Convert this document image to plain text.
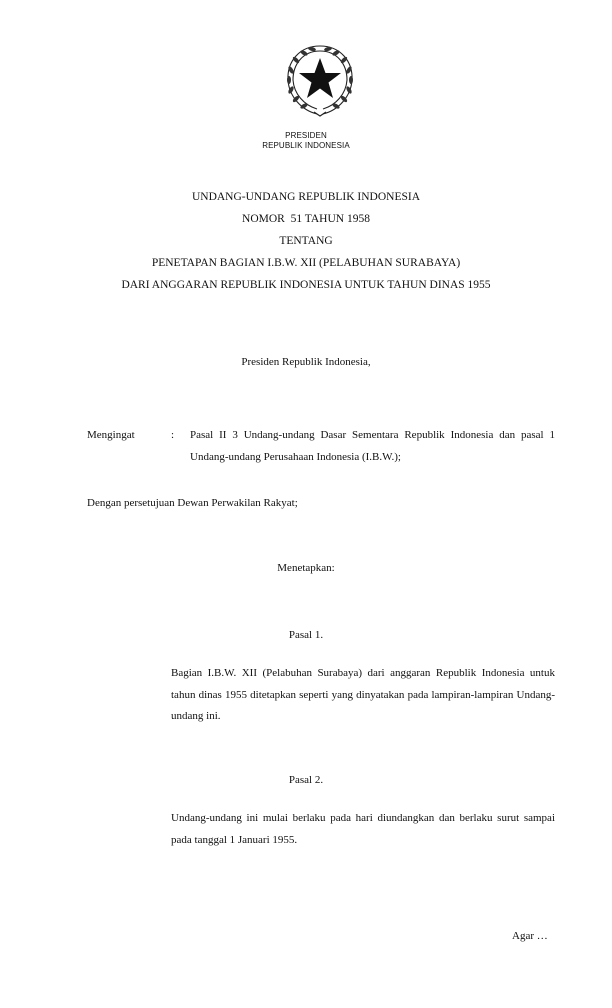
PRESIDEN
REPUBLIK INDONESIA
UNDANG-UNDANG REPUBLIK INDONESIA
NOMOR  51 TAHUN 1958
TENTANG
PENETAPAN BAGIAN I.B.W. XII (PELABUHAN SURABAYA)
DARI ANGGARAN REPUBLIK INDONESIA UNTUK TAHUN DINAS 1955
Presiden Republik Indonesia,
Mengingat	: Pasal II 3 Undang-undang Dasar Sementara Republik Indonesia dan pasal 1 Undang-undang Perusahaan Indonesia (I.B.W.);
Dengan persetujuan Dewan Perwakilan Rakyat;
Menetapkan:
Pasal 1.
Bagian I.B.W. XII (Pelabuhan Surabaya) dari anggaran Republik Indonesia untuk tahun dinas 1955 ditetapkan seperti yang dinyatakan pada lampiran-lampiran Undang-undang ini.
Pasal 2.
Undang-undang ini mulai berlaku pada hari diundangkan dan berlaku surut sampai pada tanggal 1 Januari 1955.
Agar …
